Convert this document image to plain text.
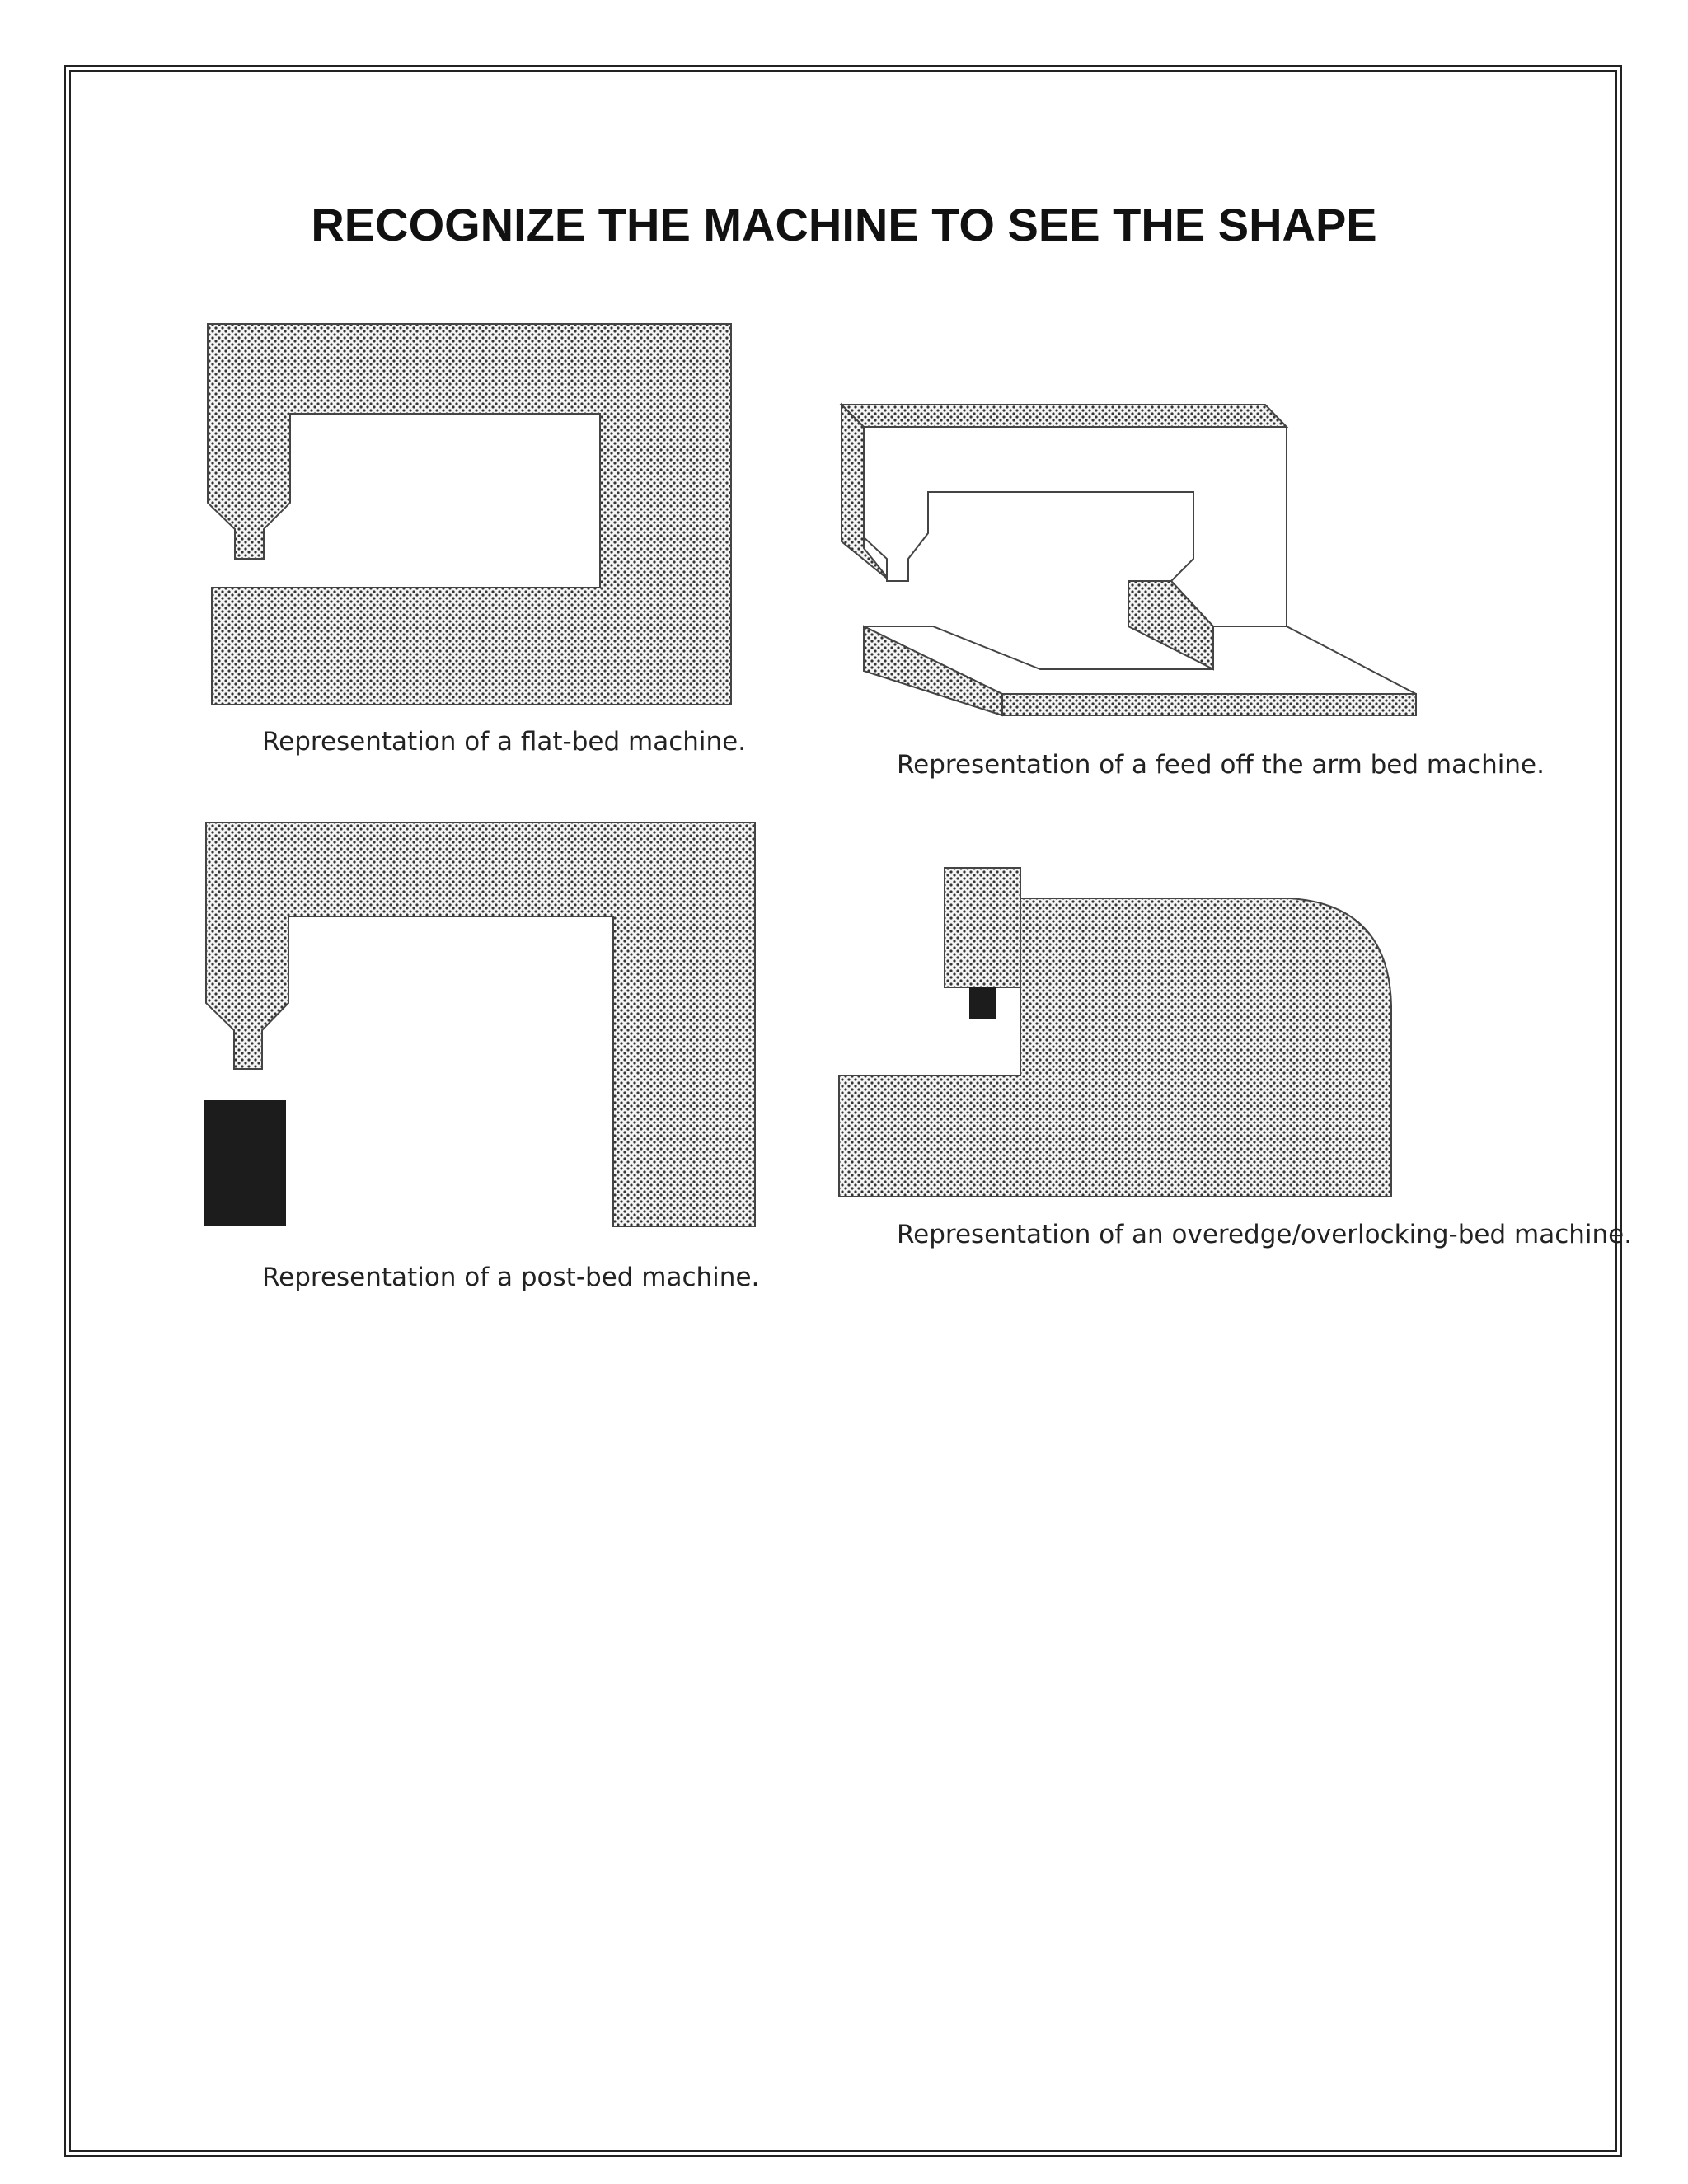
RECOGNIZE THE MACHINE TO SEE THE SHAPE
Representation of a flat-bed machine.
Representation of a feed off the arm bed machine.
Representation of a post-bed machine.
Representation of an overedge/overlocking-bed machine.
